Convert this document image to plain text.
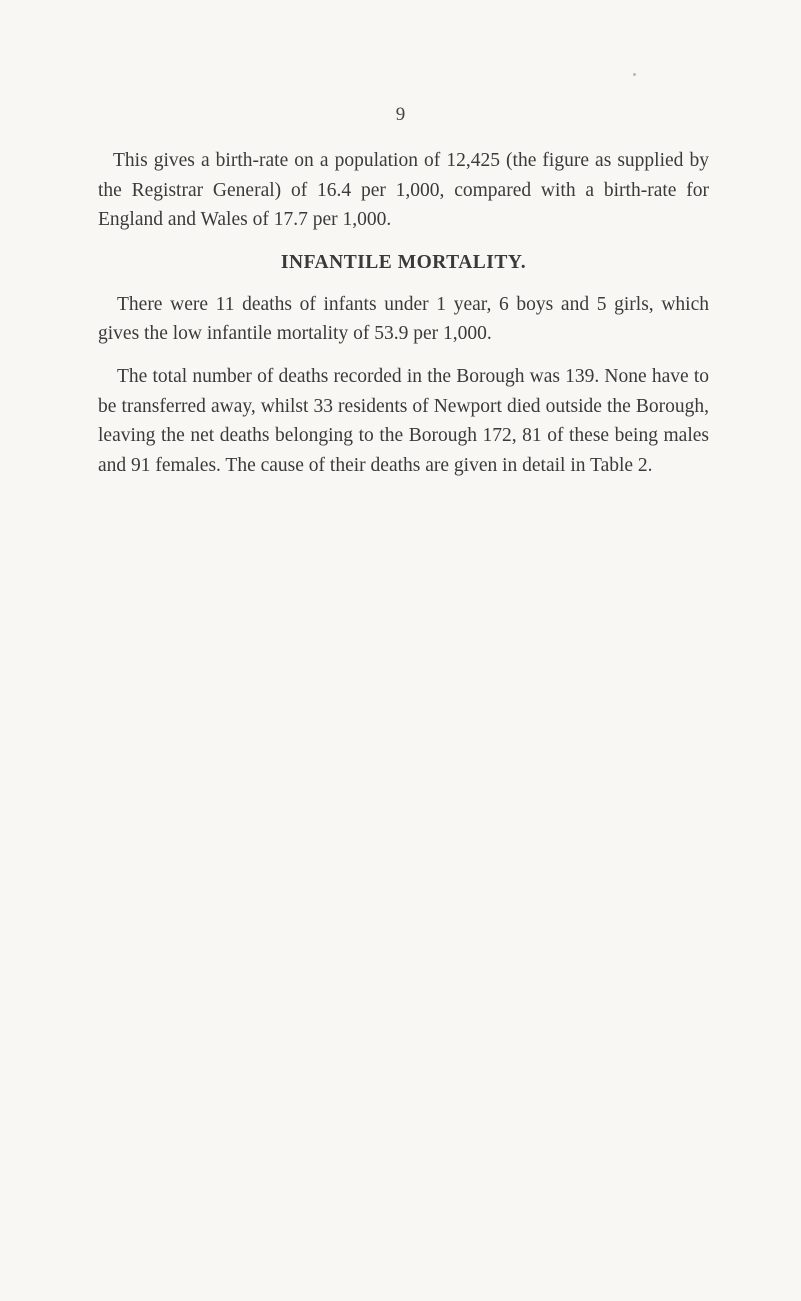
9

This gives a birth-rate on a population of 12,425 (the figure as supplied by the Registrar General) of 16.4 per 1,000, compared with a birth-rate for England and Wales of 17.7 per 1,000.

INFANTILE MORTALITY.

There were 11 deaths of infants under 1 year, 6 boys and 5 girls, which gives the low infantile mortality of 53.9 per 1,000.

The total number of deaths recorded in the Borough was 139. None have to be transferred away, whilst 33 residents of Newport died outside the Borough, leaving the net deaths belonging to the Borough 172, 81 of these being males and 91 females. The cause of their deaths are given in detail in Table 2.
